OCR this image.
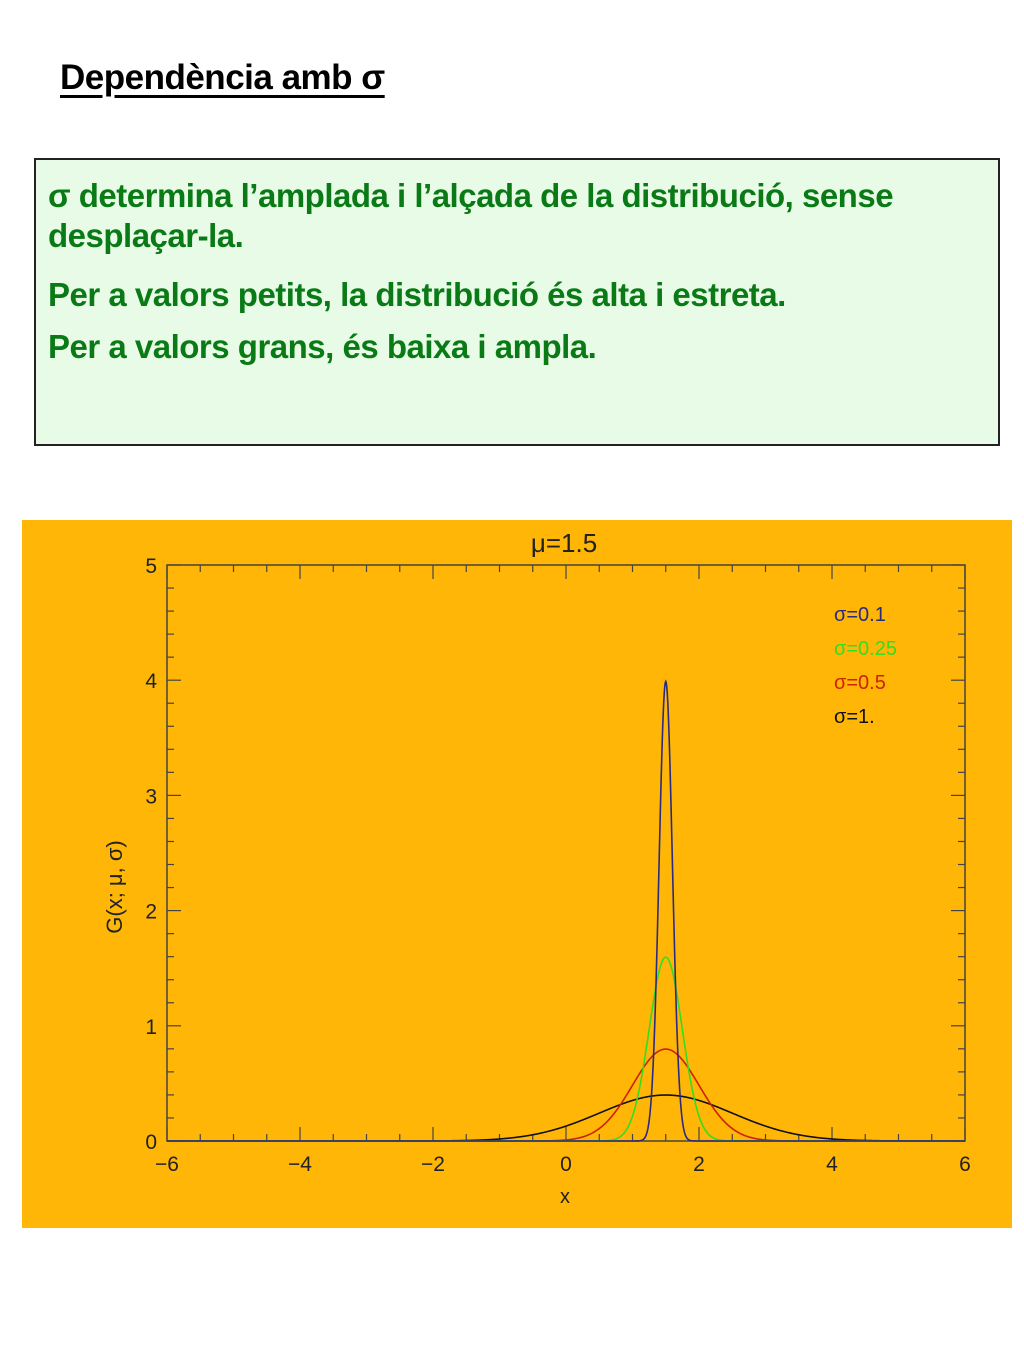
Dependència amb σ

σ determina l’amplada i l’alçada de la distribució, sense desplaçar-la.

Per a valors petits, la distribució és alta i estreta.

Per a valors grans, és baixa i ampla.

−6	−4	−2	0	2	4	6
0
1
2
3
4
5
σ=0.1
σ=0.25
σ=0.5
σ=1.
μ=1.5
x
G(x; μ, σ)
